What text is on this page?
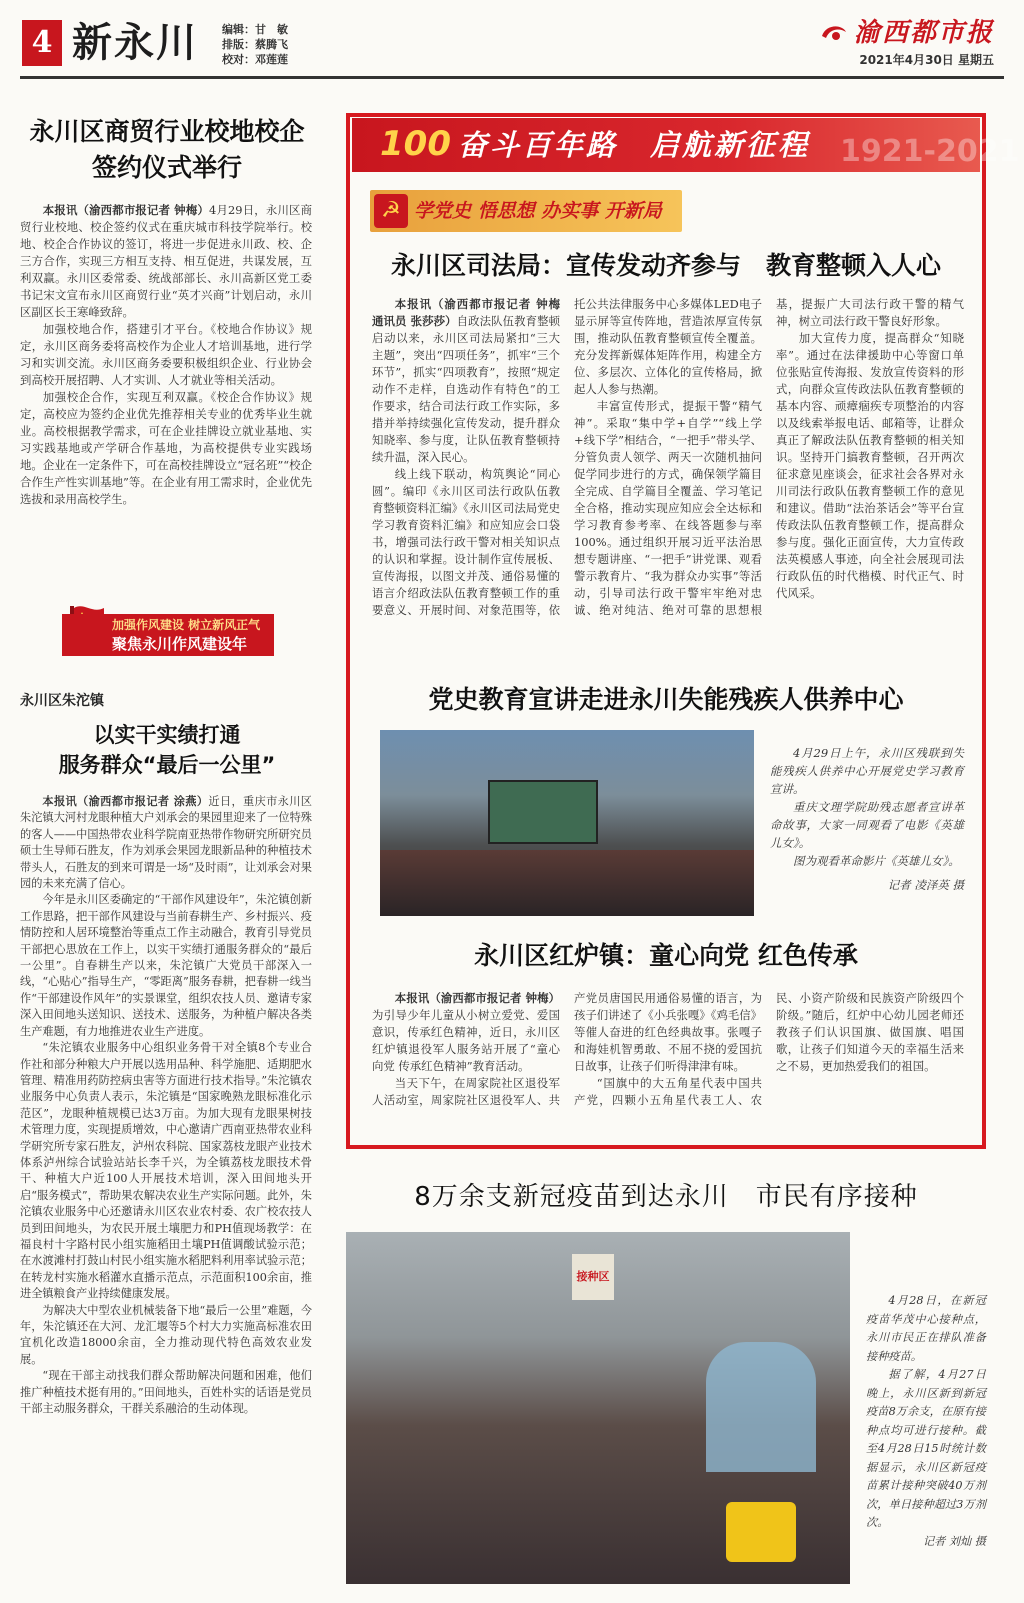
4 新永川 编辑：甘　敏
排版：蔡腾飞
校对：邓莲莲
渝西都市报
2021年4月30日 星期五
永川区商贸行业校地校企
签约仪式举行

本报讯（渝西都市报记者 钟梅）4月29日，永川区商贸行业校地、校企签约仪式在重庆城市科技学院举行。校地、校企合作协议的签订，将进一步促进永川政、校、企三方合作，实现三方相互支持、相互促进，共谋发展，互利双赢。永川区委常委、统战部部长、永川高新区党工委书记宋文宣布永川区商贸行业“英才兴商”计划启动，永川区副区长王寒峰致辞。

加强校地合作，搭建引才平台。《校地合作协议》规定，永川区商务委将高校作为企业人才培训基地，进行学习和实训交流。永川区商务委要积极组织企业、行业协会到高校开展招聘、人才实训、人才就业等相关活动。

加强校企合作，实现互利双赢。《校企合作协议》规定，高校应为签约企业优先推荐相关专业的优秀毕业生就业。高校根据教学需求，可在企业挂牌设立就业基地、实习实践基地或产学研合作基地，为高校提供专业实践场地。企业在一定条件下，可在高校挂牌设立“冠名班”“校企合作生产性实训基地”等。在企业有用工需求时，企业优先选拔和录用高校学生。

加强作风建设 树立新风正气
聚焦永川作风建设年
永川区朱沱镇
以实干实绩打通
服务群众“最后一公里”

本报讯（渝西都市报记者 涂燕）近日，重庆市永川区朱沱镇大河村龙眼种植大户刘承会的果园里迎来了一位特殊的客人——中国热带农业科学院南亚热带作物研究所研究员硕士生导师石胜友，作为刘承会果园龙眼新品种的种植技术带头人，石胜友的到来可谓是一场“及时雨”，让刘承会对果园的未来充满了信心。

今年是永川区委确定的“干部作风建设年”，朱沱镇创新工作思路，把干部作风建设与当前春耕生产、乡村振兴、疫情防控和人居环境整治等重点工作主动融合，教育引导党员干部把心思放在工作上，以实干实绩打通服务群众的“最后一公里”。自春耕生产以来，朱沱镇广大党员干部深入一线，“心贴心”指导生产，“零距离”服务春耕，把春耕一线当作“干部建设作风年”的实景课堂，组织农技人员、邀请专家深入田间地头送知识、送技术、送服务，为种植户解决各类生产难题，有力地推进农业生产进度。

“朱沱镇农业服务中心组织业务骨干对全镇8个专业合作社和部分种粮大户开展以选用品种、科学施肥、适期肥水管理、精准用药防控病虫害等方面进行技术指导。”朱沱镇农业服务中心负责人表示，朱沱镇是“国家晚熟龙眼标准化示范区”，龙眼种植规模已达3万亩。为加大现有龙眼果树技术管理力度，实现提质增效，中心邀请广西南亚热带农业科学研究所专家石胜友，泸州农科院、国家荔枝龙眼产业技术体系泸州综合试验站站长李千兴，为全镇荔枝龙眼技术骨干、种植大户近100人开展技术培训，深入田间地头开启“服务模式”，帮助果农解决农业生产实际问题。此外，朱沱镇农业服务中心还邀请永川区农业农村委、农广校农技人员到田间地头，为农民开展土壤肥力和PH值现场教学：在福良村十字路村民小组实施稻田土壤PH值调酸试验示范；在水渡滩村打鼓山村民小组实施水稻肥料利用率试验示范；在转龙村实施水稻灌水直播示范点，示范面积100余亩，推进全镇粮食产业持续健康发展。

为解决大中型农业机械装备下地“最后一公里”难题，今年，朱沱镇还在大河、龙汇堰等5个村大力实施高标准农田宜机化改造18000余亩，全力推动现代特色高效农业发展。

“现在干部主动找我们群众帮助解决问题和困难，他们推广种植技术挺有用的。”田间地头，百姓朴实的话语是党员干部主动服务群众，干群关系融洽的生动体现。

100 奋斗百年路　启航新征程 1921-2021
☭ 学党史 悟思想 办实事 开新局
永川区司法局：宣传发动齐参与　教育整顿入人心

本报讯（渝西都市报记者 钟梅 通讯员 张莎莎）自政法队伍教育整顿启动以来，永川区司法局紧扣“三大主题”，突出“四项任务”，抓牢“三个环节”，抓实“四项教育”，按照“规定动作不走样，自选动作有特色”的工作要求，结合司法行政工作实际，多措并举持续强化宣传发动，提升群众知晓率、参与度，让队伍教育整顿持续升温，深入民心。

线上线下联动，构筑舆论“同心圆”。编印《永川区司法行政队伍教育整顿资料汇编》《永川区司法局党史学习教育资料汇编》和应知应会口袋书，增强司法行政干警对相关知识点的认识和掌握。设计制作宣传展板、宣传海报，以图文并茂、通俗易懂的语言介绍政法队伍教育整顿工作的重要意义、开展时间、对象范围等，依托公共法律服务中心多媒体LED电子显示屏等宣传阵地，营造浓厚宣传氛围，推动队伍教育整顿宣传全覆盖。充分发挥新媒体矩阵作用，构建全方位、多层次、立体化的宣传格局，掀起人人参与热潮。

丰富宣传形式，提振干警“精气神”。采取“集中学+自学”“线上学+线下学”相结合，“一把手”带头学、分管负责人领学、两天一次随机抽问促学同步进行的方式，确保领学篇目全完成、自学篇目全覆盖、学习笔记全合格，推动实现应知应会全达标和学习教育参考率、在线答题参与率100%。通过组织开展习近平法治思想专题讲座、“一把手”讲党课、观看警示教育片、“我为群众办实事”等活动，引导司法行政干警牢牢绝对忠诚、绝对纯洁、绝对可靠的思想根基，提振广大司法行政干警的精气神，树立司法行政干警良好形象。

加大宣传力度，提高群众“知晓率”。通过在法律援助中心等窗口单位张贴宣传海报、发放宣传资料的形式，向群众宣传政法队伍教育整顿的基本内容、顽瘴痼疾专项整治的内容以及线索举报电话、邮箱等，让群众真正了解政法队伍教育整顿的相关知识。坚持开门搞教育整顿，召开两次征求意见座谈会，征求社会各界对永川司法行政队伍教育整顿工作的意见和建议。借助“法治茶话会”等平台宣传政法队伍教育整顿工作，提高群众参与度。强化正面宣传，大力宣传政法英模感人事迹，向全社会展现司法行政队伍的时代楷模、时代正气、时代风采。

党史教育宣讲走进永川失能残疾人供养中心

4月29日上午，永川区残联到失能残疾人供养中心开展党史学习教育宣讲。

重庆文理学院助残志愿者宣讲革命故事，大家一同观看了电影《英雄儿女》。

图为观看革命影片《英雄儿女》。

记者 凌泽英 摄

永川区红炉镇：童心向党 红色传承

本报讯（渝西都市报记者 钟梅）为引导少年儿童从小树立爱党、爱国意识，传承红色精神，近日，永川区红炉镇退役军人服务站开展了“童心向党 传承红色精神”教育活动。

当天下午，在周家院社区退役军人活动室，周家院社区退役军人、共产党员唐国民用通俗易懂的语言，为孩子们讲述了《小兵张嘎》《鸡毛信》等催人奋进的红色经典故事。张嘎子和海娃机智勇敢、不屈不挠的爱国抗日故事，让孩子们听得津津有味。

“国旗中的大五角星代表中国共产党，四颗小五角星代表工人、农民、小资产阶级和民族资产阶级四个阶级。”随后，红炉中心幼儿园老师还教孩子们认识国旗、做国旗、唱国歌，让孩子们知道今天的幸福生活来之不易，更加热爱我们的祖国。

8万余支新冠疫苗到达永川　市民有序接种
接种区

4月28日，在新冠疫苗华茂中心接种点，永川市民正在排队准备接种疫苗。

据了解，4月27日晚上，永川区新到新冠疫苗8万余支，在原有接种点均可进行接种。截至4月28日15时统计数据显示，永川区新冠疫苗累计接种突破40万剂次，单日接种超过3万剂次。

记者 刘灿 摄
